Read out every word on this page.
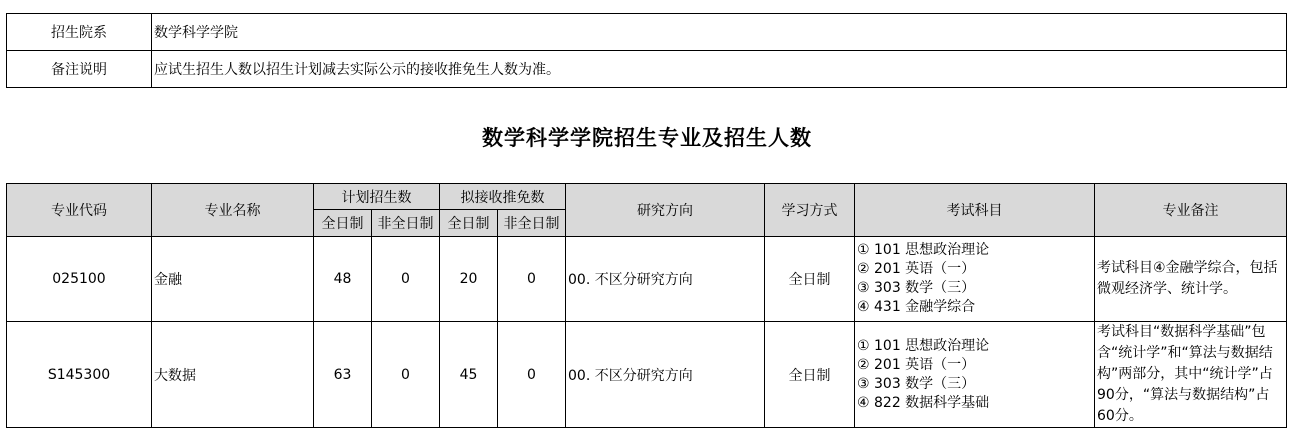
招生院系	数学科学学院
备注说明	应试生招生人数以招生计划减去实际公示的接收推免生人数为准。
数学科学学院招生专业及招生人数
专业代码	专业名称	计划招生数		拟接收推免数		研究方向	学习方式	考试科目	专业备注
		全日制	非全日制	全日制	非全日制				
025100	金融	48	0	20	0	00. 不区分研究方向	全日制	① 101 思想政治理论
② 201 英语（一）
③ 303 数学（三）
④ 431 金融学综合	考试科目④金融学综合，包括微观经济学、统计学。
S145300	大数据	63	0	45	0	00. 不区分研究方向	全日制	① 101 思想政治理论
② 201 英语（一）
③ 303 数学（三）
④ 822 数据科学基础	考试科目“数据科学基础”包含“统计学”和“算法与数据结构”两部分，其中“统计学”占90分，“算法与数据结构”占60分。
